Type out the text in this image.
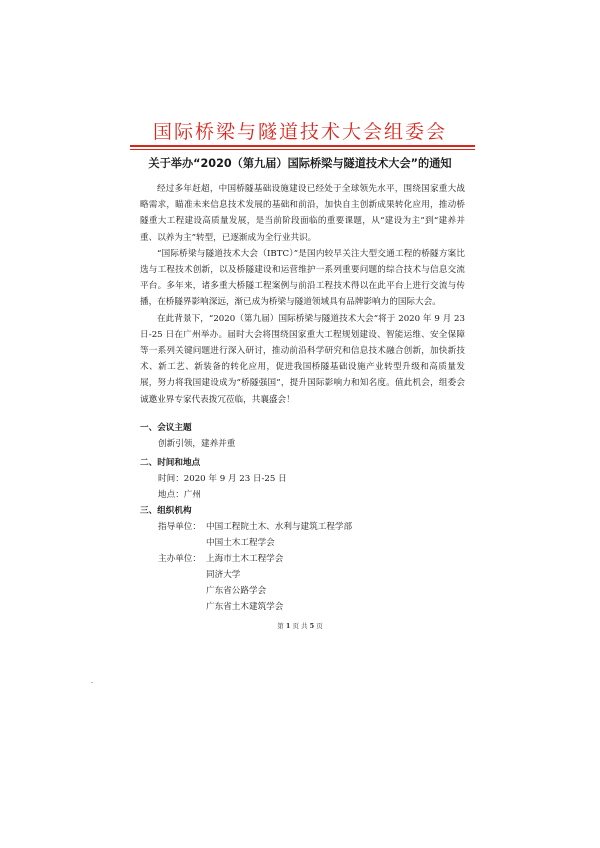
国际桥梁与隧道技术大会组委会
关于举办“2020（第九届）国际桥梁与隧道技术大会”的通知

经过多年赶超，中国桥隧基础设施建设已经处于全球领先水平，围绕国家重大战略需求，瞄准未来信息技术发展的基础和前沿，加快自主创新成果转化应用，推动桥隧重大工程建设高质量发展，是当前阶段面临的重要课题，从“建设为主”到“建养并重、以养为主”转型，已逐渐成为全行业共识。

“国际桥梁与隧道技术大会（IBTC）”是国内较早关注大型交通工程的桥隧方案比选与工程技术创新，以及桥隧建设和运营维护一系列重要问题的综合技术与信息交流平台。多年来，诸多重大桥隧工程案例与前沿工程技术得以在此平台上进行交流与传播，在桥隧界影响深远，渐已成为桥梁与隧道领域具有品牌影响力的国际大会。

在此背景下，“2020（第九届）国际桥梁与隧道技术大会”将于 2020 年 9 月 23 日-25 日在广州举办。届时大会将围绕国家重大工程规划建设、智能运维、安全保障等一系列关键问题进行深入研讨，推动前沿科学研究和信息技术融合创新，加快新技术、新工艺、新装备的转化应用，促进我国桥隧基础设施产业转型升级和高质量发展，努力将我国建设成为“桥隧强国”，提升国际影响力和知名度。值此机会，组委会诚邀业界专家代表拨冗莅临，共襄盛会！

一、会议主题
创新引领，建养并重
二、时间和地点
时间：2020 年 9 月 23 日-25 日
地点：广州
三、组织机构
指导单位： 中国工程院土木、水利与建筑工程学部
中国土木工程学会
主办单位： 上海市土木工程学会
同济大学
广东省公路学会
广东省土木建筑学会
第 1 页 共 5 页
